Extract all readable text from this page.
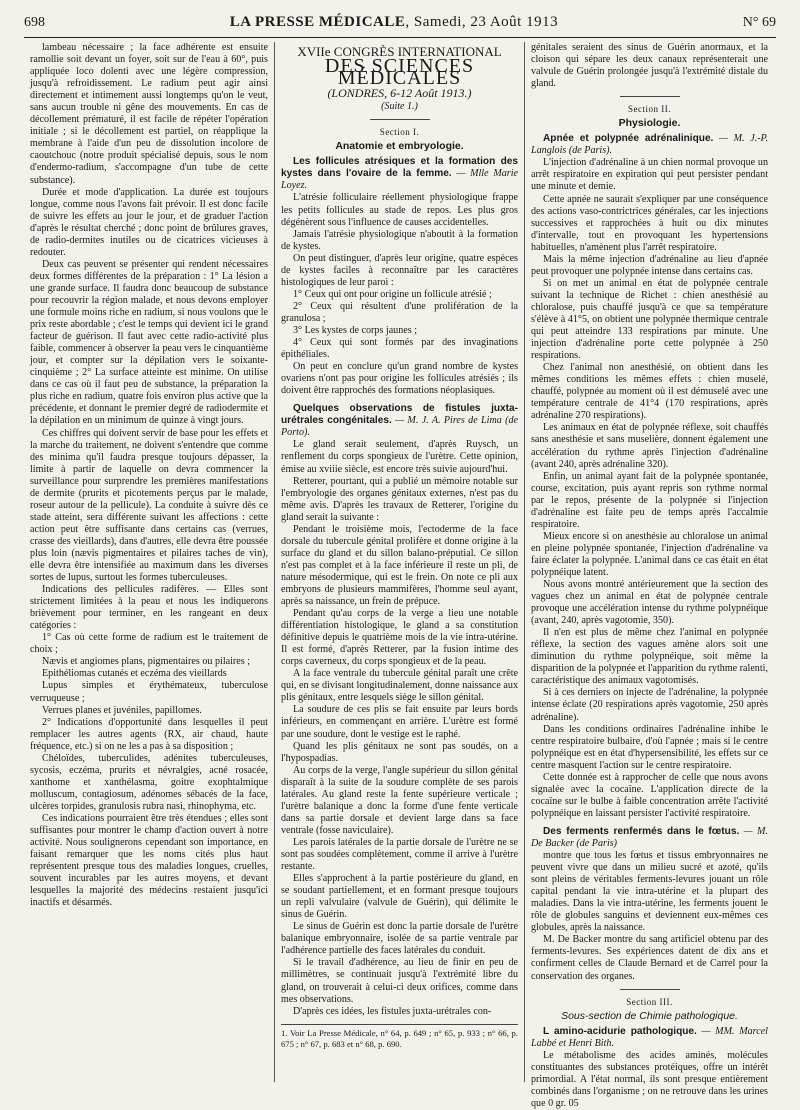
698	LA PRESSE MÉDICALE, Samedi, 23 Août 1913	N° 69

lambeau nécessaire ; la face adhérente est ensuite ramollie soit devant un foyer, soit sur de l'eau à 60°, puis appliquée loco dolenti avec une légère compression, jusqu'à refroidissement. Le radium peut agir ainsi directement et intimement aussi longtemps qu'on le veut, sans aucun trouble ni gêne des mouvements. En cas de décollement prématuré, il est facile de répéter l'opération initiale ; si le décollement est partiel, on réapplique la membrane à l'aide d'un peu de dissolution incolore de caoutchouc (notre produit spécialisé depuis, sous le nom d'endermo-radium, s'accompagne d'un tube de cette substance).

Durée et mode d'application. La durée est toujours longue, comme nous l'avons fait prévoir. Il est donc facile de suivre les effets au jour le jour, et de graduer l'action d'après le résultat cherché ; donc point de brûlures graves, de radio-dermites inutiles ou de cicatrices vicieuses à redouter.

Deux cas peuvent se présenter qui rendent nécessaires deux formes différentes de la préparation : 1° La lésion a une grande surface. Il faudra donc beaucoup de substance pour recouvrir la région malade, et nous devons employer une formule moins riche en radium, si nous voulons que le prix reste abordable ; c'est le temps qui devient ici le grand facteur de guérison. Il faut avec cette radio-activité plus faible, commencer à observer la peau vers le cinquantième jour, et compter sur la dépilation vers le soixante-cinquième ; 2° La surface atteinte est minime. On utilise dans ce cas où il faut peu de substance, la préparation la plus riche en radium, quatre fois environ plus active que la précédente, et donnant le premier degré de radiodermite et la dépilation en un minimum de quinze à vingt jours.

Ces chiffres qui doivent servir de base pour les effets et la marche du traitement, ne doivent s'entendre que comme des minima qu'il faudra presque toujours dépasser, la limite à partir de laquelle on devra commencer la surveillance pour surprendre les premières manifestations de dermite (prurits et picotements perçus par le malade, roseur autour de la pellicule). La conduite à suivre dès ce stade atteint, sera différente suivant les affections : cette action peut être suffisante dans certains cas (verrues, crasse des vieillards), dans d'autres, elle devra être poussée plus loin (nævis pigmentaires et pilaires taches de vin), elle devra être intensifiée au maximum dans les diverses sortes de lupus, surtout les formes tuberculeuses.

Indications des pellicules radifères. — Elles sont strictement limitées à la peau et nous les indiquerons brièvement pour terminer, en les rangeant en deux catégories :

1° Cas où cette forme de radium est le traitement de choix ;

Nævis et angiomes plans, pigmentaires ou pilaires ;

Epithéliomas cutanés et eczéma des vieillards

Lupus simples et érythémateux, tuberculose verruqueuse ;

Verrues planes et juvéniles, papillomes.

2° Indications d'opportunité dans lesquelles il peut remplacer les autres agents (RX, air chaud, haute fréquence, etc.) si on ne les a pas à sa disposition ;

Chéloïdes, tuberculides, adénites tuberculeuses, sycosis, eczéma, prurits et névralgies, acné rosacée, xanthome et xanthélasma, goitre exophtalmique molluscum, contagiosum, adénomes sébacés de la face, ulcères torpides, granulosis rubra nasi, rhinophyma, etc.

Ces indications pourraient être très étendues ; elles sont suffisantes pour montrer le champ d'action ouvert à notre activité. Nous soulignerons cependant son importance, en faisant remarquer que les noms cités plus haut représentent presque tous des maladies longues, cruelles, souvent incurables par les autres moyens, et devant lesquelles la majorité des médecins restaient jusqu'ici inactifs et désarmés.

XVIIe CONGRÈS INTERNATIONAL
DES SCIENCES MÉDICALES
(LONDRES, 6-12 Août 1913.)
(Suite 1.)
Section I.
Anatomie et embryologie.

Les follicules atrésiques et la formation des kystes dans l'ovaire de la femme. — Mlle Marie Loyez.

L'atrésie folliculaire réellement physiologique frappe les petits follicules au stade de repos. Les plus gros dégénèrent sous l'influence de causes accidentelles.

Jamais l'atrésie physiologique n'aboutit à la formation de kystes.

On peut distinguer, d'après leur origine, quatre espèces de kystes faciles à reconnaître par les caractères histologiques de leur paroi :

1° Ceux qui ont pour origine un follicule atrésié ;

2° Ceux qui résultent d'une prolifération de la granulosa ;

3° Les kystes de corps jaunes ;

4° Ceux qui sont formés par des invaginations épithéliales.

On peut en conclure qu'un grand nombre de kystes ovariens n'ont pas pour origine les follicules atrésiés ; ils doivent être rapprochés des formations néoplasiques.

Quelques observations de fistules juxta-urétrales congénitales. — M. J. A. Pires de Lima (de Porto).

Le gland serait seulement, d'après Ruysch, un renflement du corps spongieux de l'urètre. Cette opinion, émise au xviiie siècle, est encore très suivie aujourd'hui.

Retterer, pourtant, qui a publié un mémoire notable sur l'embryologie des organes génitaux externes, n'est pas du même avis. D'après les travaux de Retterer, l'origine du gland serait la suivante :

Pendant le troisième mois, l'ectoderme de la face dorsale du tubercule génital prolifère et donne origine à la surface du gland et du sillon balano-préputial. Ce sillon n'est pas complet et à la face inférieure il reste un pli, de nature mésodermique, qui est le frein. On note ce pli aux embryons de plusieurs mammifères, l'homme seul ayant, après sa naissance, un frein de prépuce.

Pendant qu'au corps de la verge a lieu une notable différentiation histologique, le gland a sa constitution définitive depuis le quatrième mois de la vie intra-utérine. Il est formé, d'après Retterer, par la fusion intime des corps caverneux, du corps spongieux et de la peau.

A la face ventrale du tubercule génital paraît une crête qui, en se divisant longitudinalement, donne naissance aux plis génitaux, entre lesquels siège le sillon génital.

La soudure de ces plis se fait ensuite par leurs bords inférieurs, en commençant en arrière. L'urètre est formé par une soudure, dont le vestige est le raphé.

Quand les plis génitaux ne sont pas soudés, on a l'hypospadias.

Au corps de la verge, l'angle supérieur du sillon génital disparaît à la suite de la soudure complète de ses parois latérales. Au gland reste la fente supérieure verticale ; l'urètre balanique a donc la forme d'une fente verticale dans sa partie dorsale et devient large dans sa face ventrale (fosse naviculaire).

Les parois latérales de la partie dorsale de l'urètre ne se sont pas soudées complètement, comme il arrive à l'urètre restante.

Elles s'approchent à la partie postérieure du gland, en se soudant partiellement, et en formant presque toujours un repli valvulaire (valvule de Guérin), qui délimite le sinus de Guérin.

Le sinus de Guérin est donc la partie dorsale de l'urètre balanique embryonnaire, isolée de sa partie ventrale par l'adhérence partielle des faces latérales du conduit.

Si le travail d'adhérence, au lieu de finir en peu de millimètres, se continuait jusqu'à l'extrémité libre du gland, on trouverait à celui-ci deux orifices, comme dans mes observations.

D'après ces idées, les fistules juxta-urétrales con-

1. Voir La Presse Médicale, n° 64, p. 649 ; n° 65, p. 933 ; n° 66, p. 675 ; n° 67, p. 683 et n° 68, p. 690.

génitales seraient des sinus de Guérin anormaux, et la cloison qui sépare les deux canaux représenterait une valvule de Guérin prolongée jusqu'à l'extrémité distale du gland.

Section II.
Physiologie.

Apnée et polypnée adrénalinique. — M. J.-P. Langlois (de Paris).

L'injection d'adrénaline à un chien normal provoque un arrêt respiratoire en expiration qui peut persister pendant une minute et demie.

Cette apnée ne saurait s'expliquer par une conséquence des actions vaso-contrictrices générales, car les injections successives et rapprochées à huit ou dix minutes d'intervalle, tout en provoquant les hypertensions habituelles, n'amènent plus l'arrêt respiratoire.

Mais la même injection d'adrénaline au lieu d'apnée peut provoquer une polypnée intense dans certains cas.

Si on met un animal en état de polypnée centrale suivant la technique de Richet : chien anesthésié au chloralose, puis chauffé jusqu'à ce que sa température s'élève à 41°5, on obtient une polypnée thermique centrale qui peut atteindre 133 respirations par minute. Une injection d'adrénaline porte cette polypnée à 250 respirations.

Chez l'animal non anesthésié, on obtient dans les mêmes conditions les mêmes effets : chien muselé, chauffé, polypnée au moment où il est démuselé avec une température centrale de 41°4 (170 respirations, après adrénaline 270 respirations).

Les animaux en état de polypnée réflexe, soit chauffés sans anesthésie et sans muselière, donnent également une accélération du rythme après l'injection d'adrénaline (avant 240, après adrénaline 320).

Enfin, un animal ayant fait de la polypnée spontanée, course, excitation, puis ayant repris son rythme normal par le repos, présente de la polypnée si l'injection d'adrénaline est faite peu de temps après l'accalmie respiratoire.

Mieux encore si on anesthésie au chloralose un animal en pleine polypnée spontanée, l'injection d'adrénaline va faire éclater la polypnée. L'animal dans ce cas était en état polypnéique latent.

Nous avons montré antérieurement que la section des vagues chez un animal en état de polypnée centrale provoque une accélération intense du rythme polypnéique (avant, 240, après vagotomie, 350).

Il n'en est plus de même chez l'animal en polypnée réflexe, la section des vagues amène alors soit une diminution du rythme polypnéique, soit même la disparition de la polypnée et l'apparition du rythme ralenti, caractéristique des animaux vagotomisés.

Si à ces derniers on injecte de l'adrénaline, la polypnée intense éclate (20 respirations après vagotomie, 250 après adrénaline).

Dans les conditions ordinaires l'adrénaline inhibe le centre respiratoire bulbaire, d'où l'apnée ; mais si le centre polypnéique est en état d'hypersensibilité, les effets sur ce centre masquent l'action sur le centre respiratoire.

Cette donnée est à rapprocher de celle que nous avons signalée avec la cocaïne. L'application directe de la cocaïne sur le bulbe à faible concentration arrête l'activité polypnéique en laissant persister l'activité respiratoire.

Des ferments renfermés dans le fœtus. — M. De Backer (de Paris)

montre que tous les fœtus et tissus embryonnaires ne peuvent vivre que dans un milieu sucré et azoté, qu'ils sont pleins de véritables ferments-levures jouant un rôle capital pendant la vie intra-utérine et la plupart des maladies. Dans la vie intra-utérine, les ferments jouent le rôle de globules sanguins et deviennent eux-mêmes ces globules, après la naissance.

M. De Backer montre du sang artificiel obtenu par des ferments-levures. Ses expériences datent de dix ans et confirment celles de Claude Bernard et de Carrel pour la conservation des organes.

Section III.
Sous-section de Chimie pathologique.

L amino-acidurie pathologique. — MM. Marcel Labbé et Henri Bith.

Le métabolisme des acides aminés, molécules constituantes des substances protéiques, offre un intérêt primordial. A l'état normal, ils sont presque entièrement combinés dans l'organisme ; on ne retrouve dans les urines que 0 gr. 05
